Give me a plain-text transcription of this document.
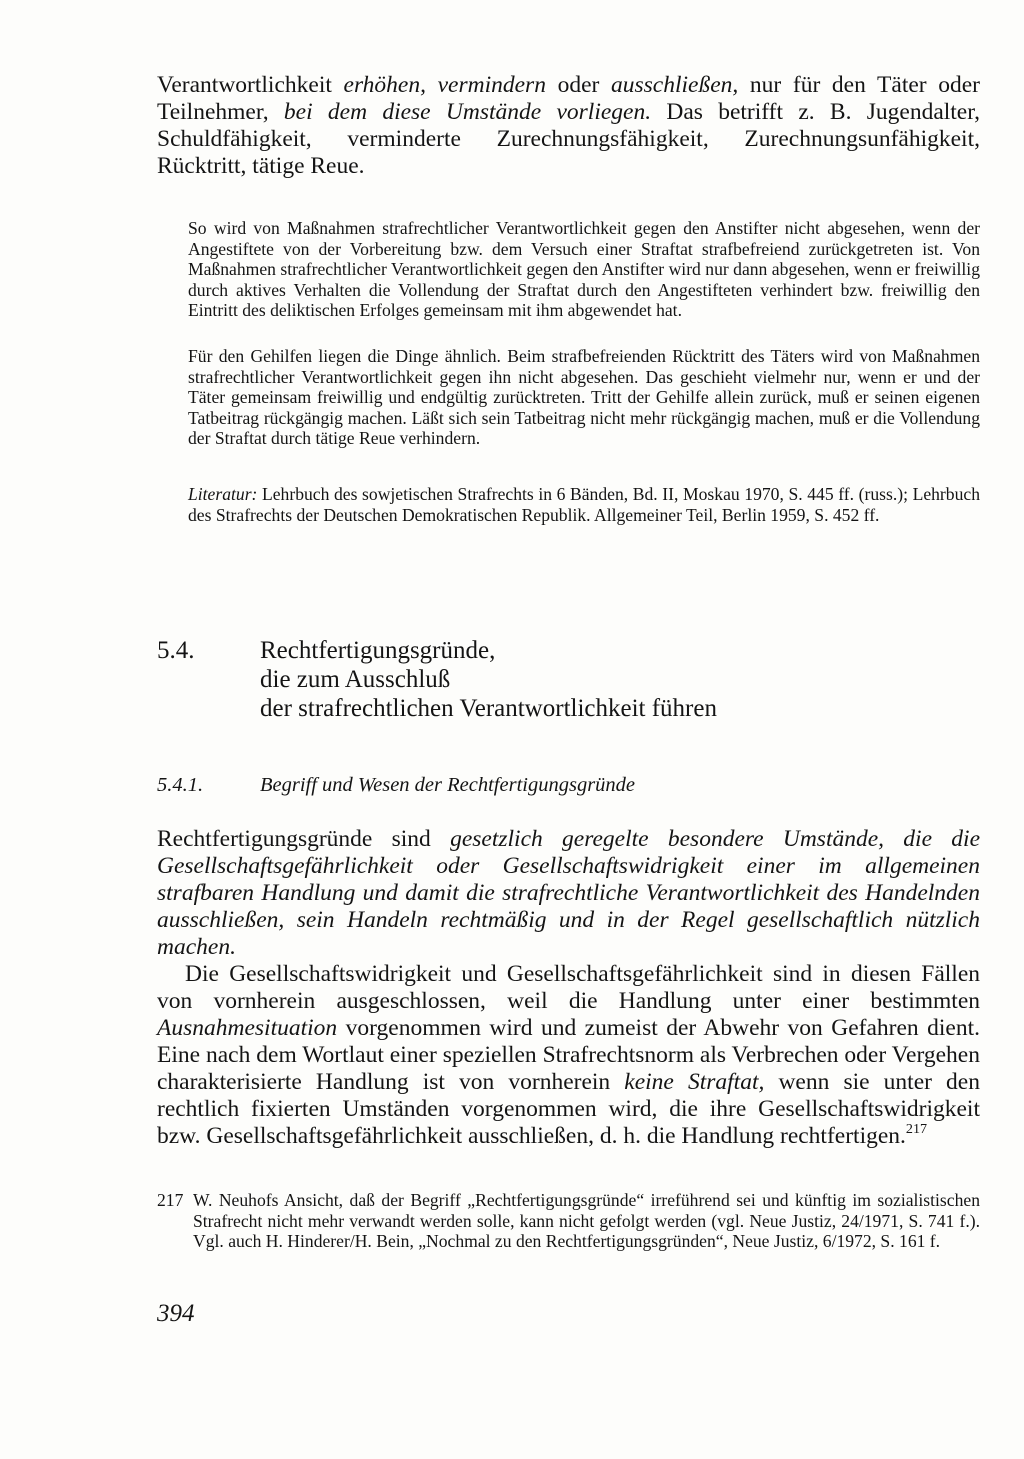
Verantwortlichkeit erhöhen, vermindern oder ausschließen, nur für den Täter oder Teilnehmer, bei dem diese Umstände vorliegen. Das betrifft z. B. Jugendalter, Schuldfähigkeit, verminderte Zurechnungsfähigkeit, Zurechnungsunfähigkeit, Rücktritt, tätige Reue.

So wird von Maßnahmen strafrechtlicher Verantwortlichkeit gegen den Anstifter nicht abgesehen, wenn der Angestiftete von der Vorbereitung bzw. dem Versuch einer Straftat strafbefreiend zurückgetreten ist. Von Maßnahmen strafrechtlicher Verantwortlichkeit gegen den Anstifter wird nur dann abgesehen, wenn er freiwillig durch aktives Verhalten die Vollendung der Straftat durch den Angestifteten verhindert bzw. freiwillig den Eintritt des deliktischen Erfolges gemeinsam mit ihm abgewendet hat.

Für den Gehilfen liegen die Dinge ähnlich. Beim strafbefreienden Rücktritt des Täters wird von Maßnahmen strafrechtlicher Verantwortlichkeit gegen ihn nicht abgesehen. Das geschieht vielmehr nur, wenn er und der Täter gemeinsam freiwillig und endgültig zurücktreten. Tritt der Gehilfe allein zurück, muß er seinen eigenen Tatbeitrag rückgängig machen. Läßt sich sein Tatbeitrag nicht mehr rückgängig machen, muß er die Vollendung der Straftat durch tätige Reue verhindern.

Literatur: Lehrbuch des sowjetischen Strafrechts in 6 Bänden, Bd. II, Moskau 1970, S. 445 ff. (russ.); Lehrbuch des Strafrechts der Deutschen Demokratischen Republik. Allgemeiner Teil, Berlin 1959, S. 452 ff.

5.4.	Rechtfertigungsgründe,
die zum Ausschluß
der strafrechtlichen Verantwortlichkeit führen

5.4.1.	Begriff und Wesen der Rechtfertigungsgründe

Rechtfertigungsgründe sind gesetzlich geregelte besondere Umstände, die die Gesellschaftsgefährlichkeit oder Gesellschaftswidrigkeit einer im allgemeinen strafbaren Handlung und damit die strafrechtliche Verantwortlichkeit des Handelnden ausschließen, sein Handeln rechtmäßig und in der Regel gesellschaftlich nützlich machen.

Die Gesellschaftswidrigkeit und Gesellschaftsgefährlichkeit sind in diesen Fällen von vornherein ausgeschlossen, weil die Handlung unter einer bestimmten Ausnahmesituation vorgenommen wird und zumeist der Abwehr von Gefahren dient. Eine nach dem Wortlaut einer speziellen Strafrechtsnorm als Verbrechen oder Vergehen charakterisierte Handlung ist von vornherein keine Straftat, wenn sie unter den rechtlich fixierten Umständen vorgenommen wird, die ihre Gesellschaftswidrigkeit bzw. Gesellschaftsgefährlichkeit ausschließen, d. h. die Handlung rechtfertigen.$^{217}$

217 W. Neuhofs Ansicht, daß der Begriff „Rechtfertigungsgründe“ irreführend sei und künftig im sozialistischen Strafrecht nicht mehr verwandt werden solle, kann nicht gefolgt werden (vgl. Neue Justiz, 24/1971, S. 741 f.). Vgl. auch H. Hinderer/H. Bein, „Nochmal zu den Rechtfertigungsgründen“, Neue Justiz, 6/1972, S. 161 f.

394
